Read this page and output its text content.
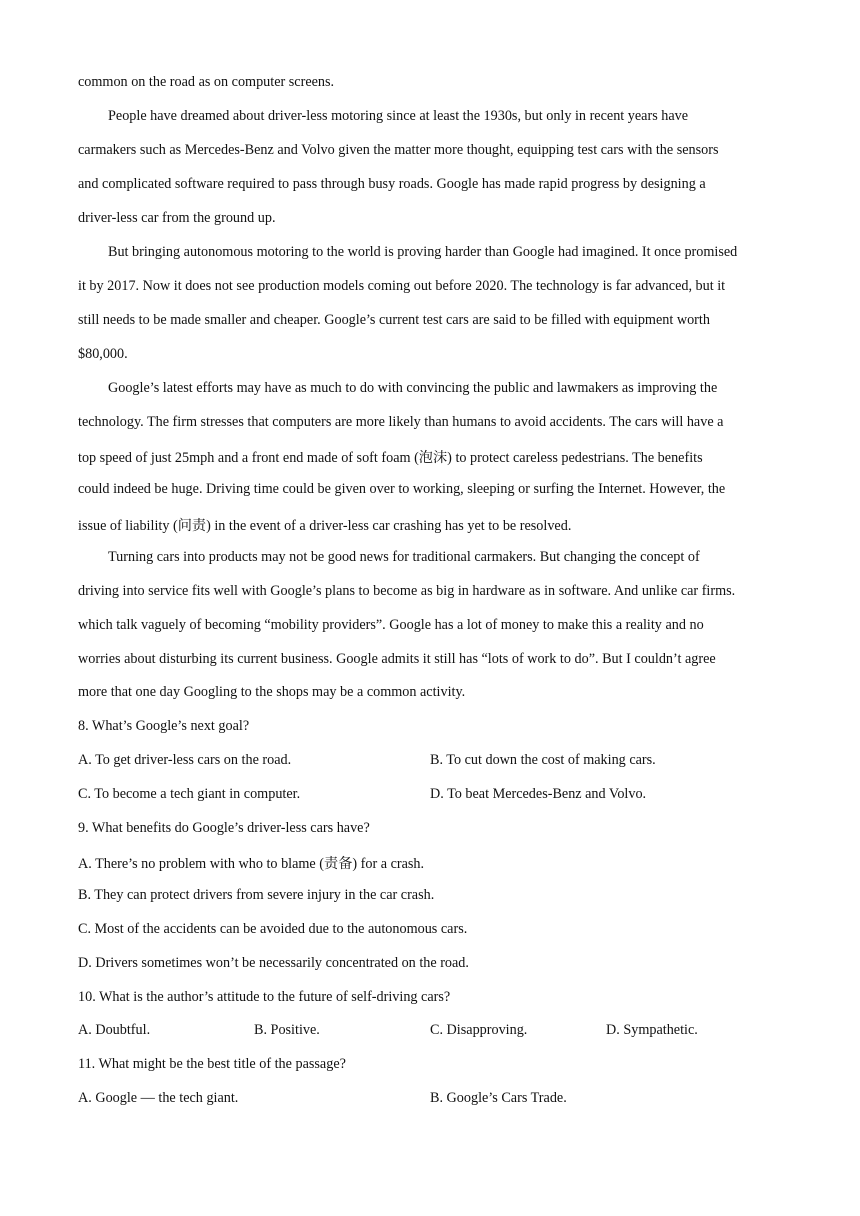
common on the road as on computer screens.
People have dreamed about driver-less motoring since at least the 1930s, but only in recent years have
carmakers such as Mercedes-Benz and Volvo given the matter more thought, equipping test cars with the sensors
and complicated software required to pass through busy roads. Google has made rapid progress by designing a
driver-less car from the ground up.
But bringing autonomous motoring to the world is proving harder than Google had imagined. It once promised
it by 2017. Now it does not see production models coming out before 2020. The technology is far advanced, but it
still needs to be made smaller and cheaper. Google’s current test cars are said to be filled with equipment worth
$80,000.
Google’s latest efforts may have as much to do with convincing the public and lawmakers as improving the
technology. The firm stresses that computers are more likely than humans to avoid accidents. The cars will have a
top speed of just 25mph and a front end made of soft foam (泡沫) to protect careless pedestrians. The benefits
could indeed be huge. Driving time could be given over to working, sleeping or surfing the Internet. However, the
issue of liability (问责) in the event of a driver-less car crashing has yet to be resolved.
Turning cars into products may not be good news for traditional carmakers. But changing the concept of
driving into service fits well with Google’s plans to become as big in hardware as in software. And unlike car firms.
which talk vaguely of becoming “mobility providers”. Google has a lot of money to make this a reality and no
worries about disturbing its current business. Google admits it still has “lots of work to do”. But I couldn’t agree
more that one day Googling to the shops may be a common activity.
8. What’s Google’s next goal?
A. To get driver-less cars on the road.	B. To cut down the cost of making cars.
C. To become a tech giant in computer.	D. To beat Mercedes-Benz and Volvo.
9. What benefits do Google’s driver-less cars have?
A. There’s no problem with who to blame (责备) for a crash.
B. They can protect drivers from severe injury in the car crash.
C. Most of the accidents can be avoided due to the autonomous cars.
D. Drivers sometimes won’t be necessarily concentrated on the road.
10. What is the author’s attitude to the future of self-driving cars?
A. Doubtful.	B. Positive.	C. Disapproving.	D. Sympathetic.
11. What might be the best title of the passage?
A. Google — the tech giant.	B. Google’s Cars Trade.
